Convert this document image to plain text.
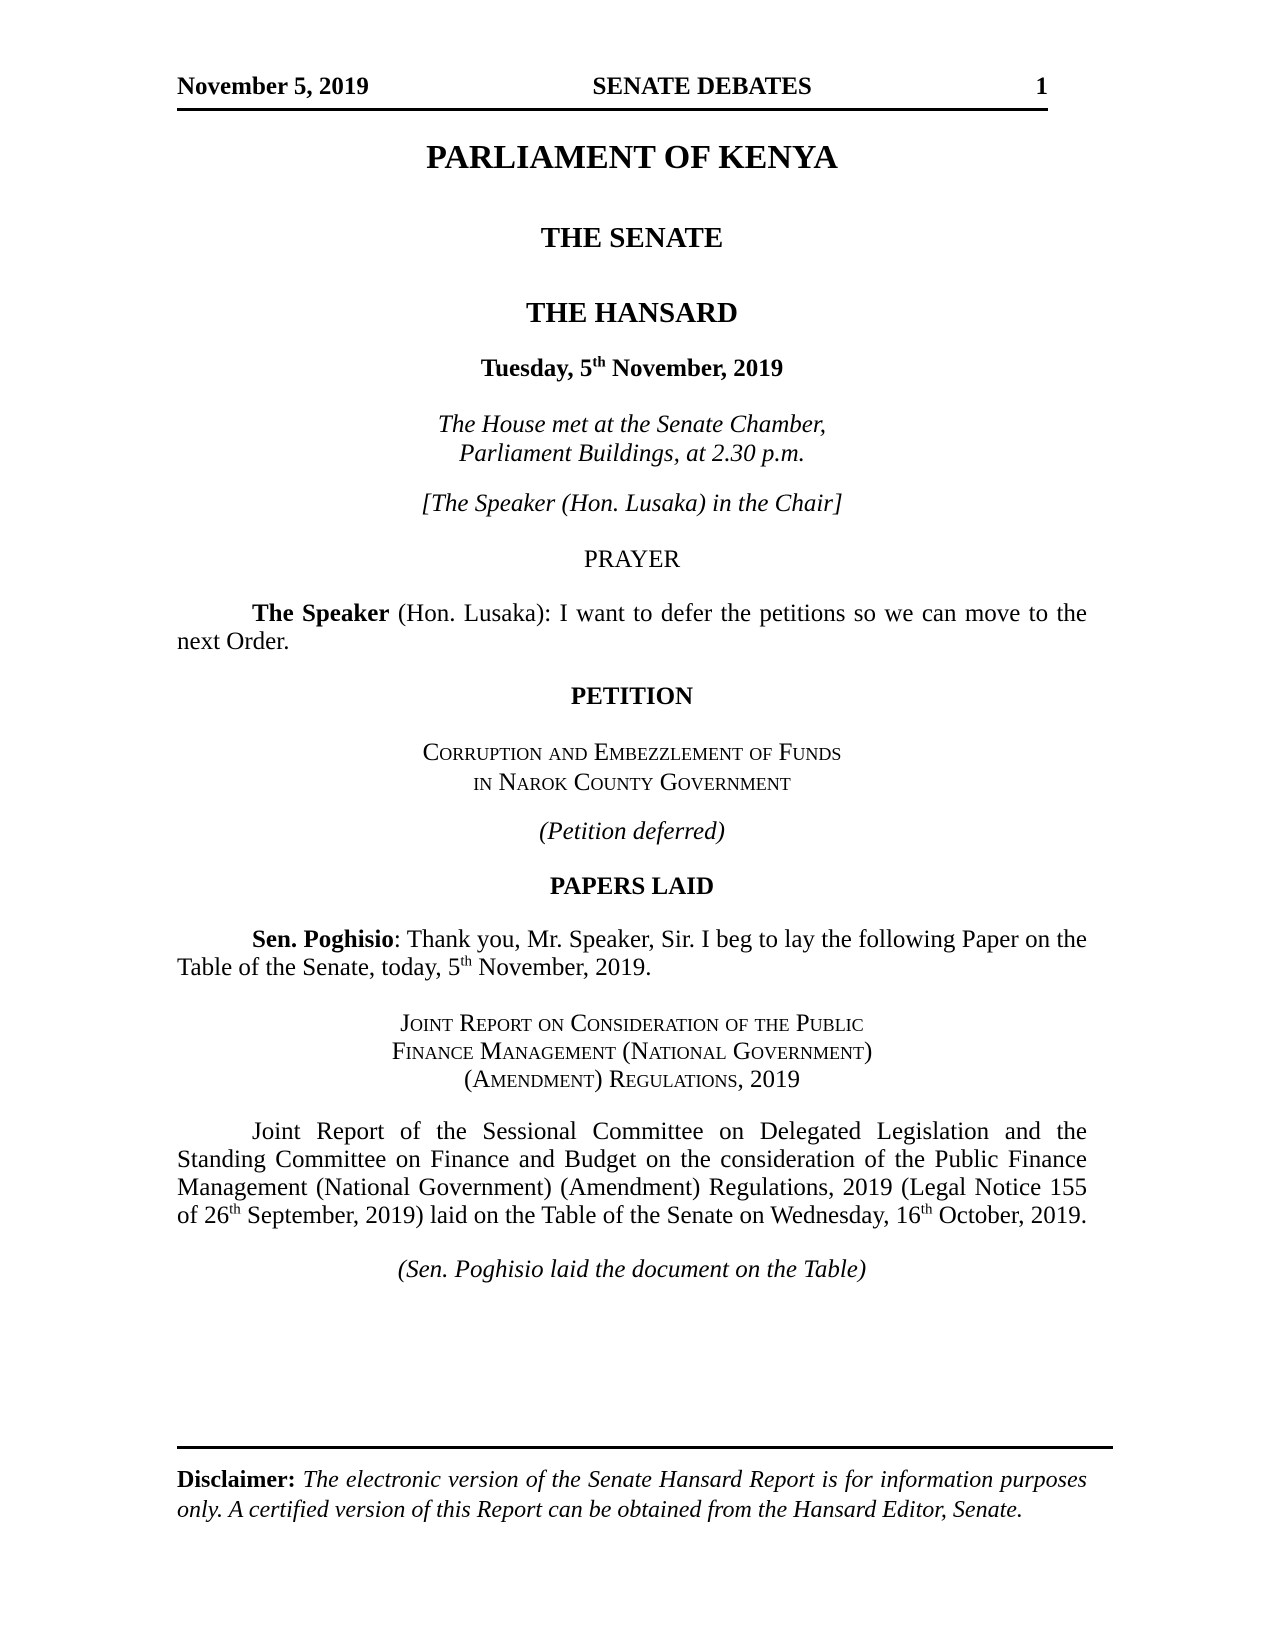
November 5, 2019	SENATE DEBATES	1
PARLIAMENT OF KENYA
THE SENATE
THE HANSARD
Tuesday, 5th November, 2019
The House met at the Senate Chamber,
Parliament Buildings, at 2.30 p.m.
[The Speaker (Hon. Lusaka) in the Chair]
PRAYER
The Speaker (Hon. Lusaka): I want to defer the petitions so we can move to the next Order.
PETITION
Corruption and Embezzlement of Funds
in Narok County Government
(Petition deferred)
PAPERS LAID
Sen. Poghisio: Thank you, Mr. Speaker, Sir. I beg to lay the following Paper on the Table of the Senate, today, 5th November, 2019.
Joint Report on Consideration of the Public
Finance Management (National Government)
(Amendment) Regulations, 2019
Joint Report of the Sessional Committee on Delegated Legislation and the Standing Committee on Finance and Budget on the consideration of the Public Finance Management (National Government) (Amendment) Regulations, 2019 (Legal Notice 155 of 26th September, 2019) laid on the Table of the Senate on Wednesday, 16th October, 2019.
(Sen. Poghisio laid the document on the Table)

Disclaimer: The electronic version of the Senate Hansard Report is for information purposes only. A certified version of this Report can be obtained from the Hansard Editor, Senate.
